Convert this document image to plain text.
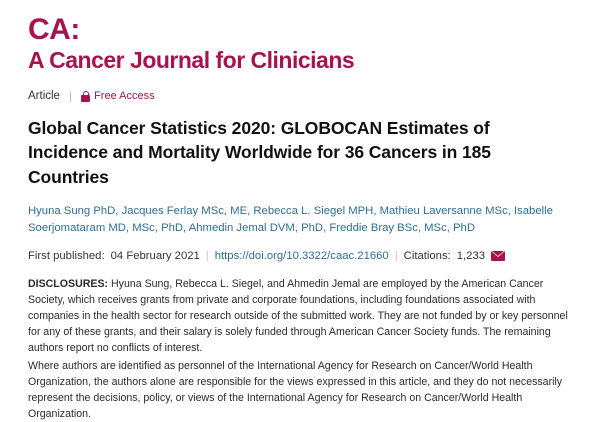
CA:
A Cancer Journal for Clinicians
Article | Free Access
Global Cancer Statistics 2020: GLOBOCAN Estimates of Incidence and Mortality Worldwide for 36 Cancers in 185 Countries
Hyuna Sung PhD, Jacques Ferlay MSc, ME, Rebecca L. Siegel MPH, Mathieu Laversanne MSc, Isabelle Soerjomataram MD, MSc, PhD, Ahmedin Jemal DVM, PhD, Freddie Bray BSc, MSc, PhD
First published: 04 February 2021 | https://doi.org/10.3322/caac.21660 | Citations: 1,233

DISCLOSURES: Hyuna Sung, Rebecca L. Siegel, and Ahmedin Jemal are employed by the American Cancer Society, which receives grants from private and corporate foundations, including foundations associated with companies in the health sector for research outside of the submitted work. They are not funded by or key personnel for any of these grants, and their salary is solely funded through American Cancer Society funds. The remaining authors report no conflicts of interest.

Where authors are identified as personnel of the International Agency for Research on Cancer/World Health Organization, the authors alone are responsible for the views expressed in this article, and they do not necessarily represent the decisions, policy, or views of the International Agency for Research on Cancer/World Health Organization.
